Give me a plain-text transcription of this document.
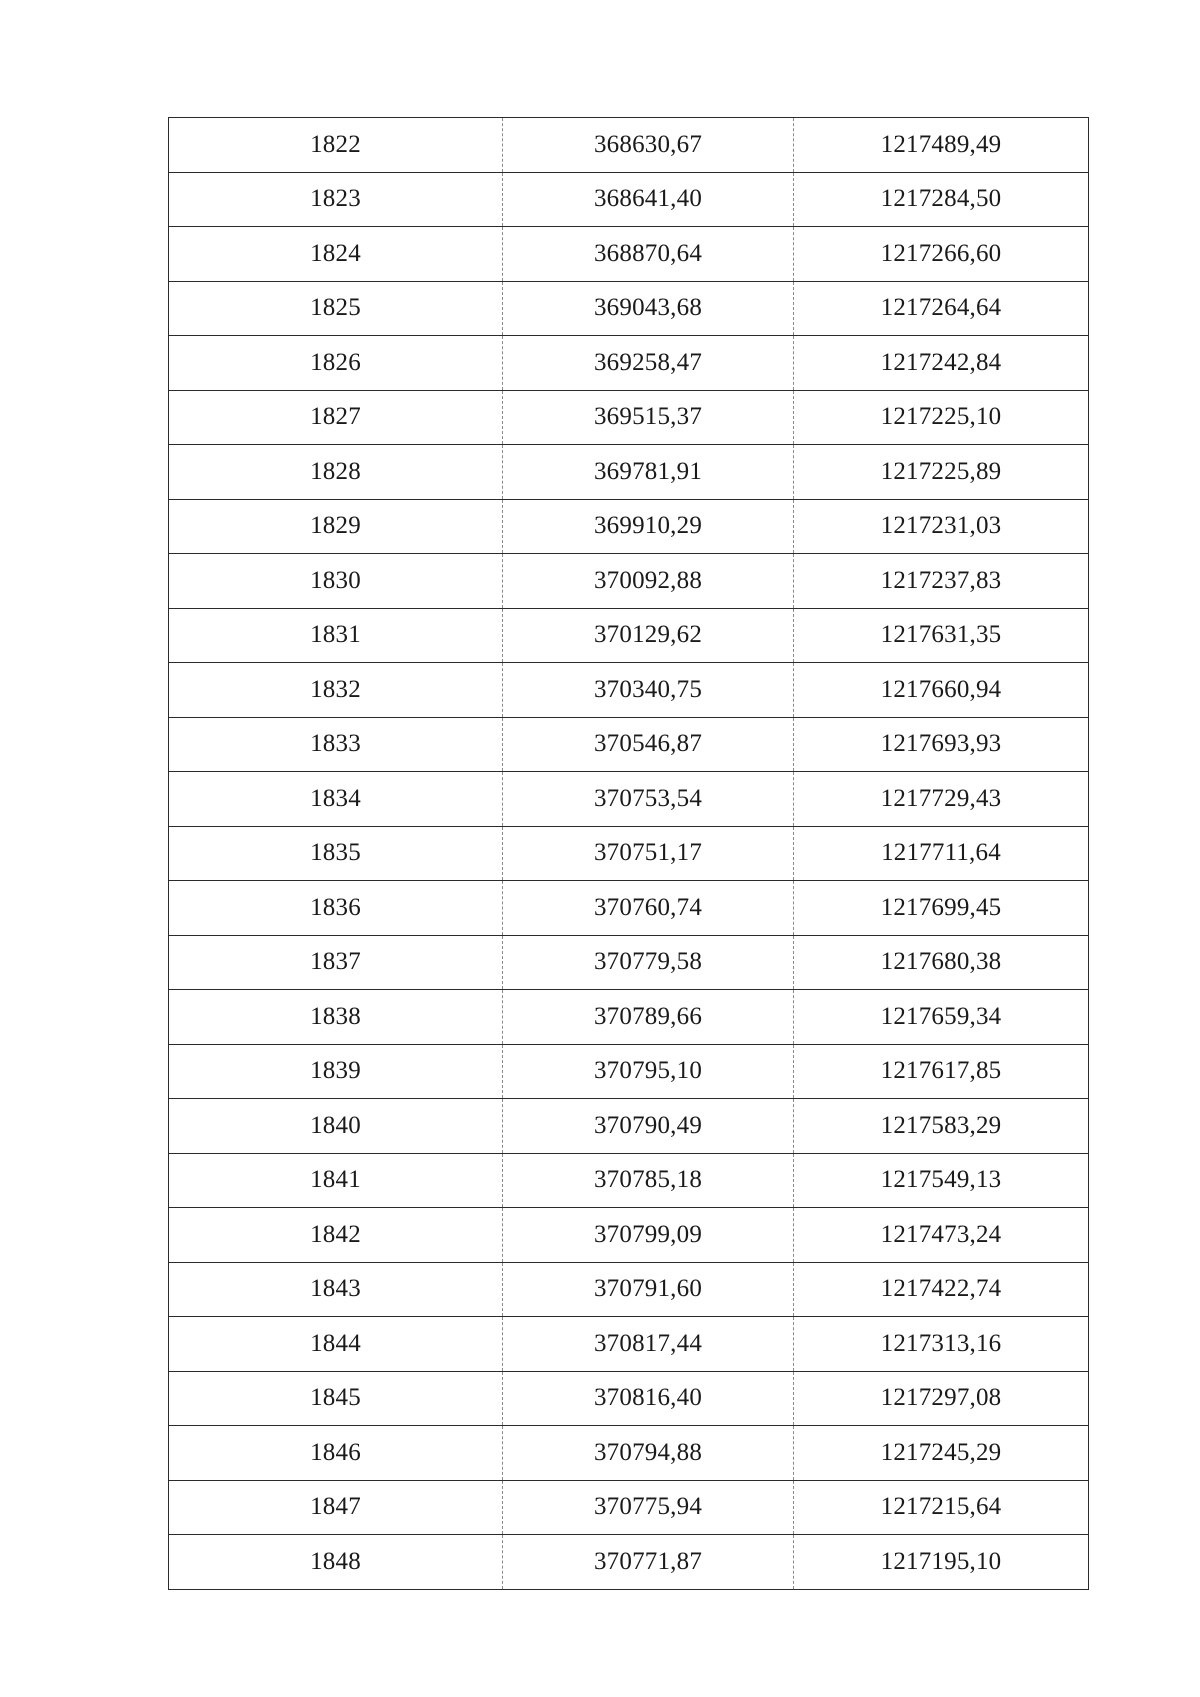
1822	368630,67	1217489,49
1823	368641,40	1217284,50
1824	368870,64	1217266,60
1825	369043,68	1217264,64
1826	369258,47	1217242,84
1827	369515,37	1217225,10
1828	369781,91	1217225,89
1829	369910,29	1217231,03
1830	370092,88	1217237,83
1831	370129,62	1217631,35
1832	370340,75	1217660,94
1833	370546,87	1217693,93
1834	370753,54	1217729,43
1835	370751,17	1217711,64
1836	370760,74	1217699,45
1837	370779,58	1217680,38
1838	370789,66	1217659,34
1839	370795,10	1217617,85
1840	370790,49	1217583,29
1841	370785,18	1217549,13
1842	370799,09	1217473,24
1843	370791,60	1217422,74
1844	370817,44	1217313,16
1845	370816,40	1217297,08
1846	370794,88	1217245,29
1847	370775,94	1217215,64
1848	370771,87	1217195,10
